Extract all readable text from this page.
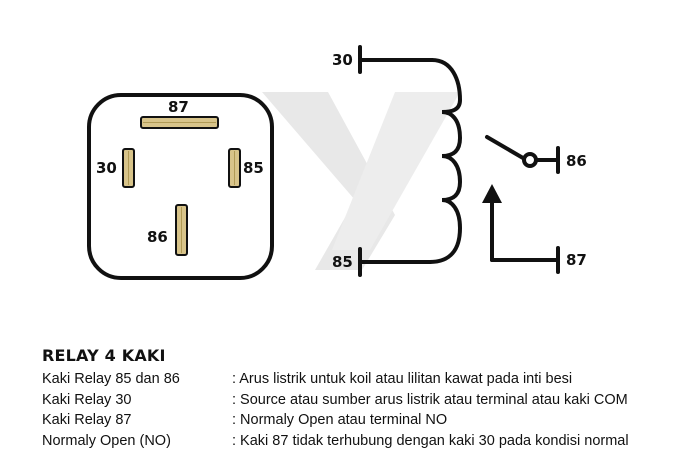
87
30	85
86
30
85
86
87
RELAY 4 KAKI
Kaki Relay 85 dan 86	: Arus listrik untuk koil atau lilitan kawat pada inti besi
Kaki Relay 30	: Source atau sumber arus listrik atau terminal atau kaki COM
Kaki Relay 87	: Normaly Open atau terminal NO
Normaly Open (NO)	: Kaki 87 tidak terhubung dengan kaki 30 pada kondisi normal
